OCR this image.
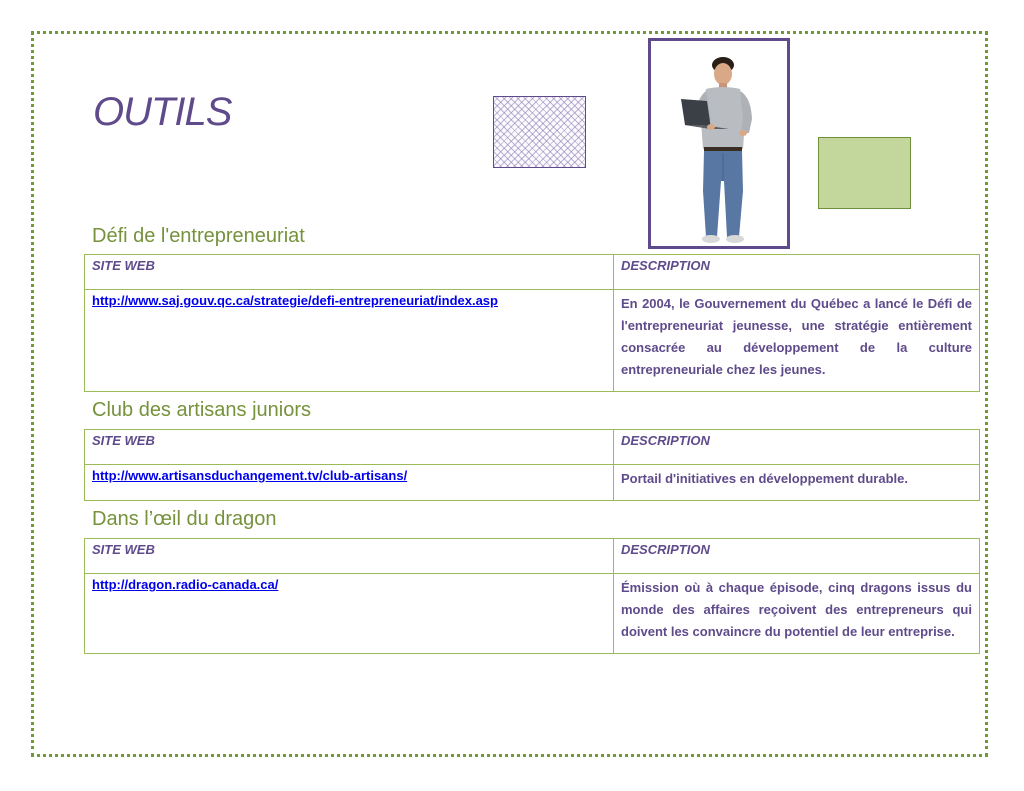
OUTILS
Défi de l'entrepreneuriat
SITE WEB	DESCRIPTION
http://www.saj.gouv.qc.ca/strategie/defi-entrepreneuriat/index.asp	En 2004, le Gouvernement du Québec a lancé le Défi de l'entrepreneuriat jeunesse, une stratégie entièrement consacrée au développement de la culture entrepreneuriale chez les jeunes.
Club des artisans juniors
SITE WEB	DESCRIPTION
http://www.artisansduchangement.tv/club-artisans/	Portail d'initiatives en développement durable.
Dans l’œil du dragon
SITE WEB	DESCRIPTION
http://dragon.radio-canada.ca/	Émission où à chaque épisode, cinq dragons issus du monde des affaires reçoivent des entrepreneurs qui doivent les convaincre du potentiel de leur entreprise.
